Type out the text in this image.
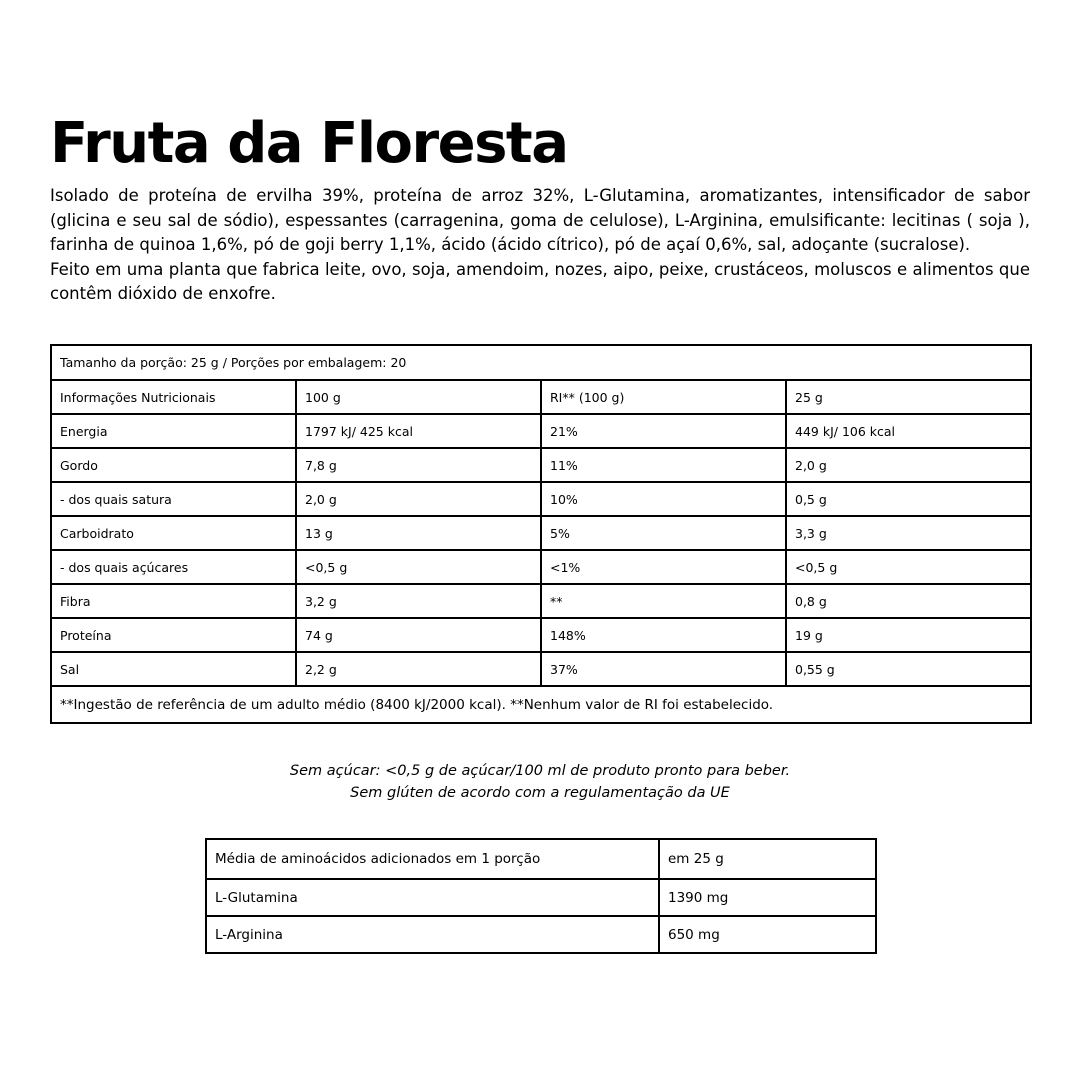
Fruta da Floresta

Isolado de proteína de ervilha 39%, proteína de arroz 32%, L-Glutamina, aromatizantes, intensificador de sabor (glicina e seu sal de sódio), espessantes (carragenina, goma de celulose), L-Arginina, emulsificante: lecitinas ( soja ), farinha de quinoa 1,6%, pó de goji berry 1,1%, ácido (ácido cítrico), pó de açaí 0,6%, sal, adoçante (sucralose).

Feito em uma planta que fabrica leite, ovo, soja, amendoim, nozes, aipo, peixe, crustáceos, moluscos e alimentos que contêm dióxido de enxofre.

Tamanho da porção: 25 g / Porções por embalagem: 20			
Informações Nutricionais	100 g	RI** (100 g)	25 g
Energia	1797 kJ/ 425 kcal	21%	449 kJ/ 106 kcal
Gordo	7,8 g	11%	2,0 g
- dos quais satura	2,0 g	10%	0,5 g
Carboidrato	13 g	5%	3,3 g
- dos quais açúcares	<0,5 g	<1%	<0,5 g
Fibra	3,2 g	**	0,8 g
Proteína	74 g	148%	19 g
Sal	2,2 g	37%	0,55 g
**Ingestão de referência de um adulto médio (8400 kJ/2000 kcal). **Nenhum valor de RI foi estabelecido.			
Sem açúcar: <0,5 g de açúcar/100 ml de produto pronto para beber.
Sem glúten de acordo com a regulamentação da UE
Média de aminoácidos adicionados em 1 porção	em 25 g
L-Glutamina	1390 mg
L-Arginina	650 mg
